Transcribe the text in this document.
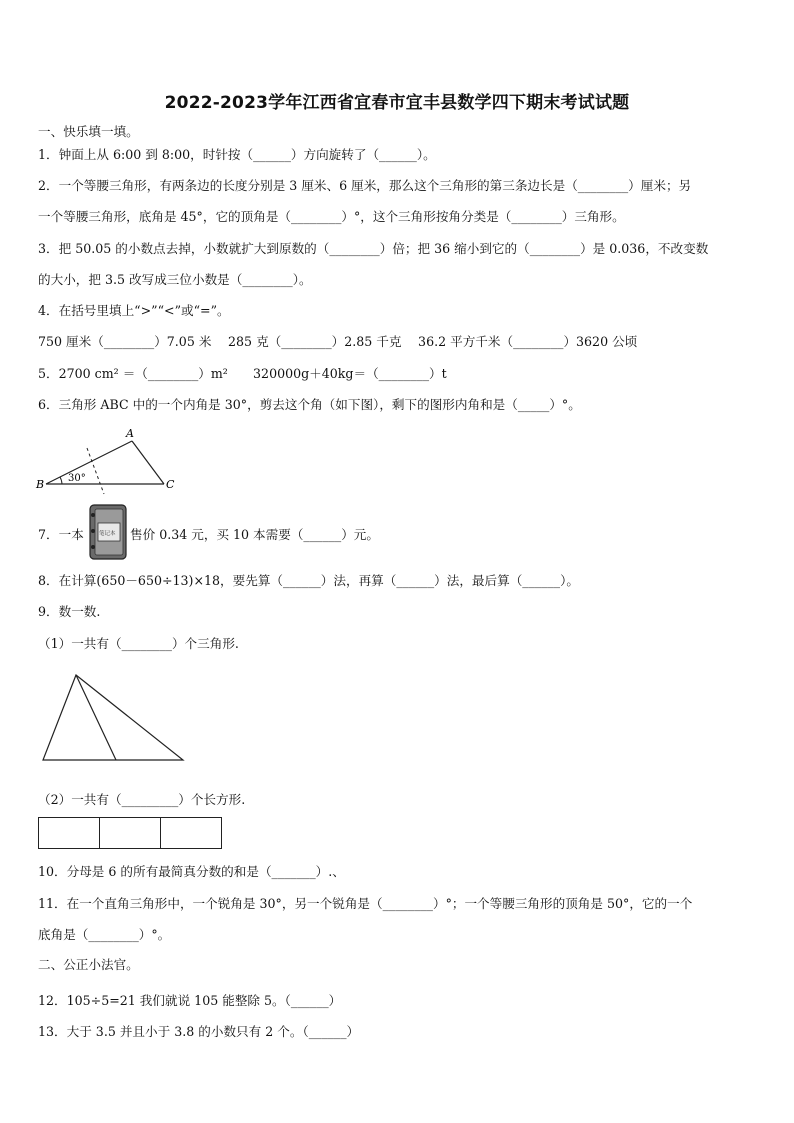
2022-2023学年江西省宜春市宜丰县数学四下期末考试试题
一、快乐填一填。
1．钟面上从 6:00 到 8:00，时针按（______）方向旋转了（______）。
2．一个等腰三角形，有两条边的长度分别是 3 厘米、6 厘米，那么这个三角形的第三条边长是（________）厘米；另
一个等腰三角形，底角是 45°，它的顶角是（________）°，这个三角形按角分类是（________）三角形。
3．把 50.05 的小数点去掉，小数就扩大到原数的（________）倍；把 36 缩小到它的（________）是 0.036，不改变数
的大小，把 3.5 改写成三位小数是（________）。
4．在括号里填上“>”“<”或“=”。
750 厘米（________）7.05 米　 285 克（________）2.85 千克　 36.2 平方千米（________）3620 公顷
5．2700 cm² ＝（________）m²　　320000g＋40kg＝（________）t
6．三角形 ABC 中的一个内角是 30°，剪去这个角（如下图），剩下的图形内角和是（_____）°。
A
B	C
30°
7．一本	笔记本 售价 0.34 元，买 10 本需要（______）元。
8．在计算(650－650÷13)×18，要先算（______）法，再算（______）法，最后算（______）。
9．数一数.
（1）一共有（________）个三角形.
（2）一共有（_________）个长方形.
10．分母是 6 的所有最简真分数的和是（_______）.、
11．在一个直角三角形中，一个锐角是 30°，另一个锐角是（________）°；一个等腰三角形的顶角是 50°，它的一个
底角是（________）°。
二、公正小法官。
12．105÷5=21 我们就说 105 能整除 5。（______）
13．大于 3.5 并且小于 3.8 的小数只有 2 个。（______）
